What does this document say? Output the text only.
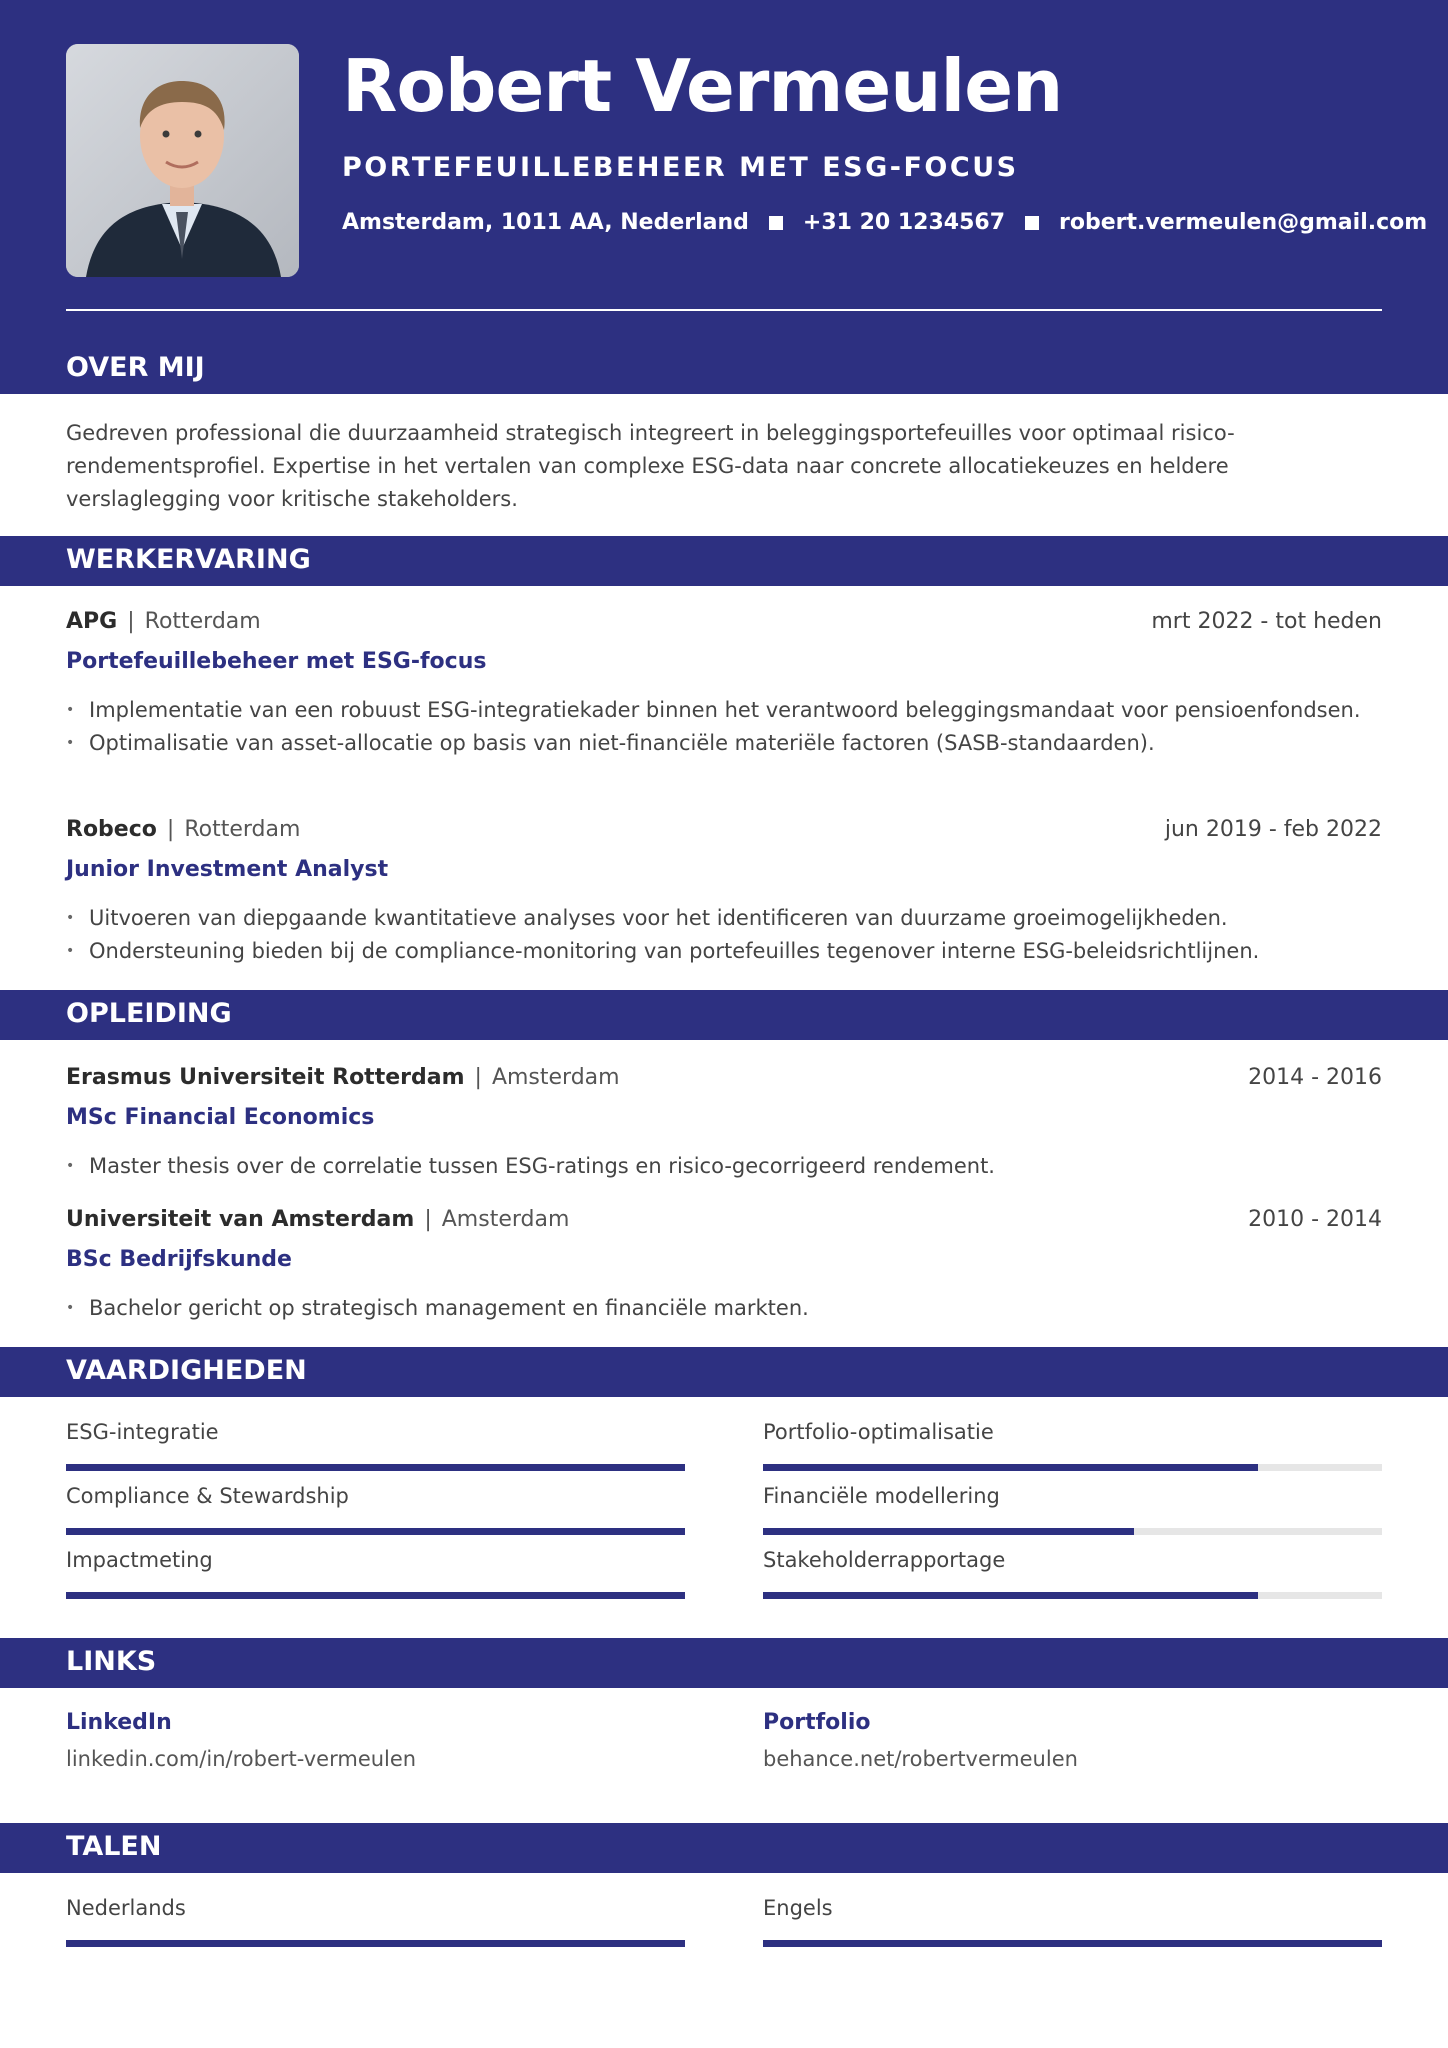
Robert Vermeulen
PORTEFEUILLEBEHEER MET ESG-FOCUS
Amsterdam, 1011 AA, Nederland +31 20 1234567 robert.vermeulen@gmail.com
OVER MIJ
Gedreven professional die duurzaamheid strategisch integreert in beleggingsportefeuilles voor optimaal risico-rendementsprofiel. Expertise in het vertalen van complexe ESG-data naar concrete allocatiekeuzes en heldere verslaglegging voor kritische stakeholders.
WERKERVARING
APG | Rotterdam	mrt 2022 - tot heden
Portefeuillebeheer met ESG-focus
• Implementatie van een robuust ESG-integratiekader binnen het verantwoord beleggingsmandaat voor pensioenfondsen.
• Optimalisatie van asset-allocatie op basis van niet-financiële materiële factoren (SASB-standaarden).
Robeco | Rotterdam	jun 2019 - feb 2022
Junior Investment Analyst
• Uitvoeren van diepgaande kwantitatieve analyses voor het identificeren van duurzame groeimogelijkheden.
• Ondersteuning bieden bij de compliance-monitoring van portefeuilles tegenover interne ESG-beleidsrichtlijnen.
OPLEIDING
Erasmus Universiteit Rotterdam | Amsterdam	2014 - 2016
MSc Financial Economics
• Master thesis over de correlatie tussen ESG-ratings en risico-gecorrigeerd rendement.
Universiteit van Amsterdam | Amsterdam	2010 - 2014
BSc Bedrijfskunde
• Bachelor gericht op strategisch management en financiële markten.
VAARDIGHEDEN
ESG-integratie	Portfolio-optimalisatie
Compliance & Stewardship	Financiële modellering
Impactmeting	Stakeholderrapportage
LINKS
LinkedIn
linkedin.com/in/robert-vermeulen
Portfolio
behance.net/robertvermeulen
TALEN
Nederlands	Engels
